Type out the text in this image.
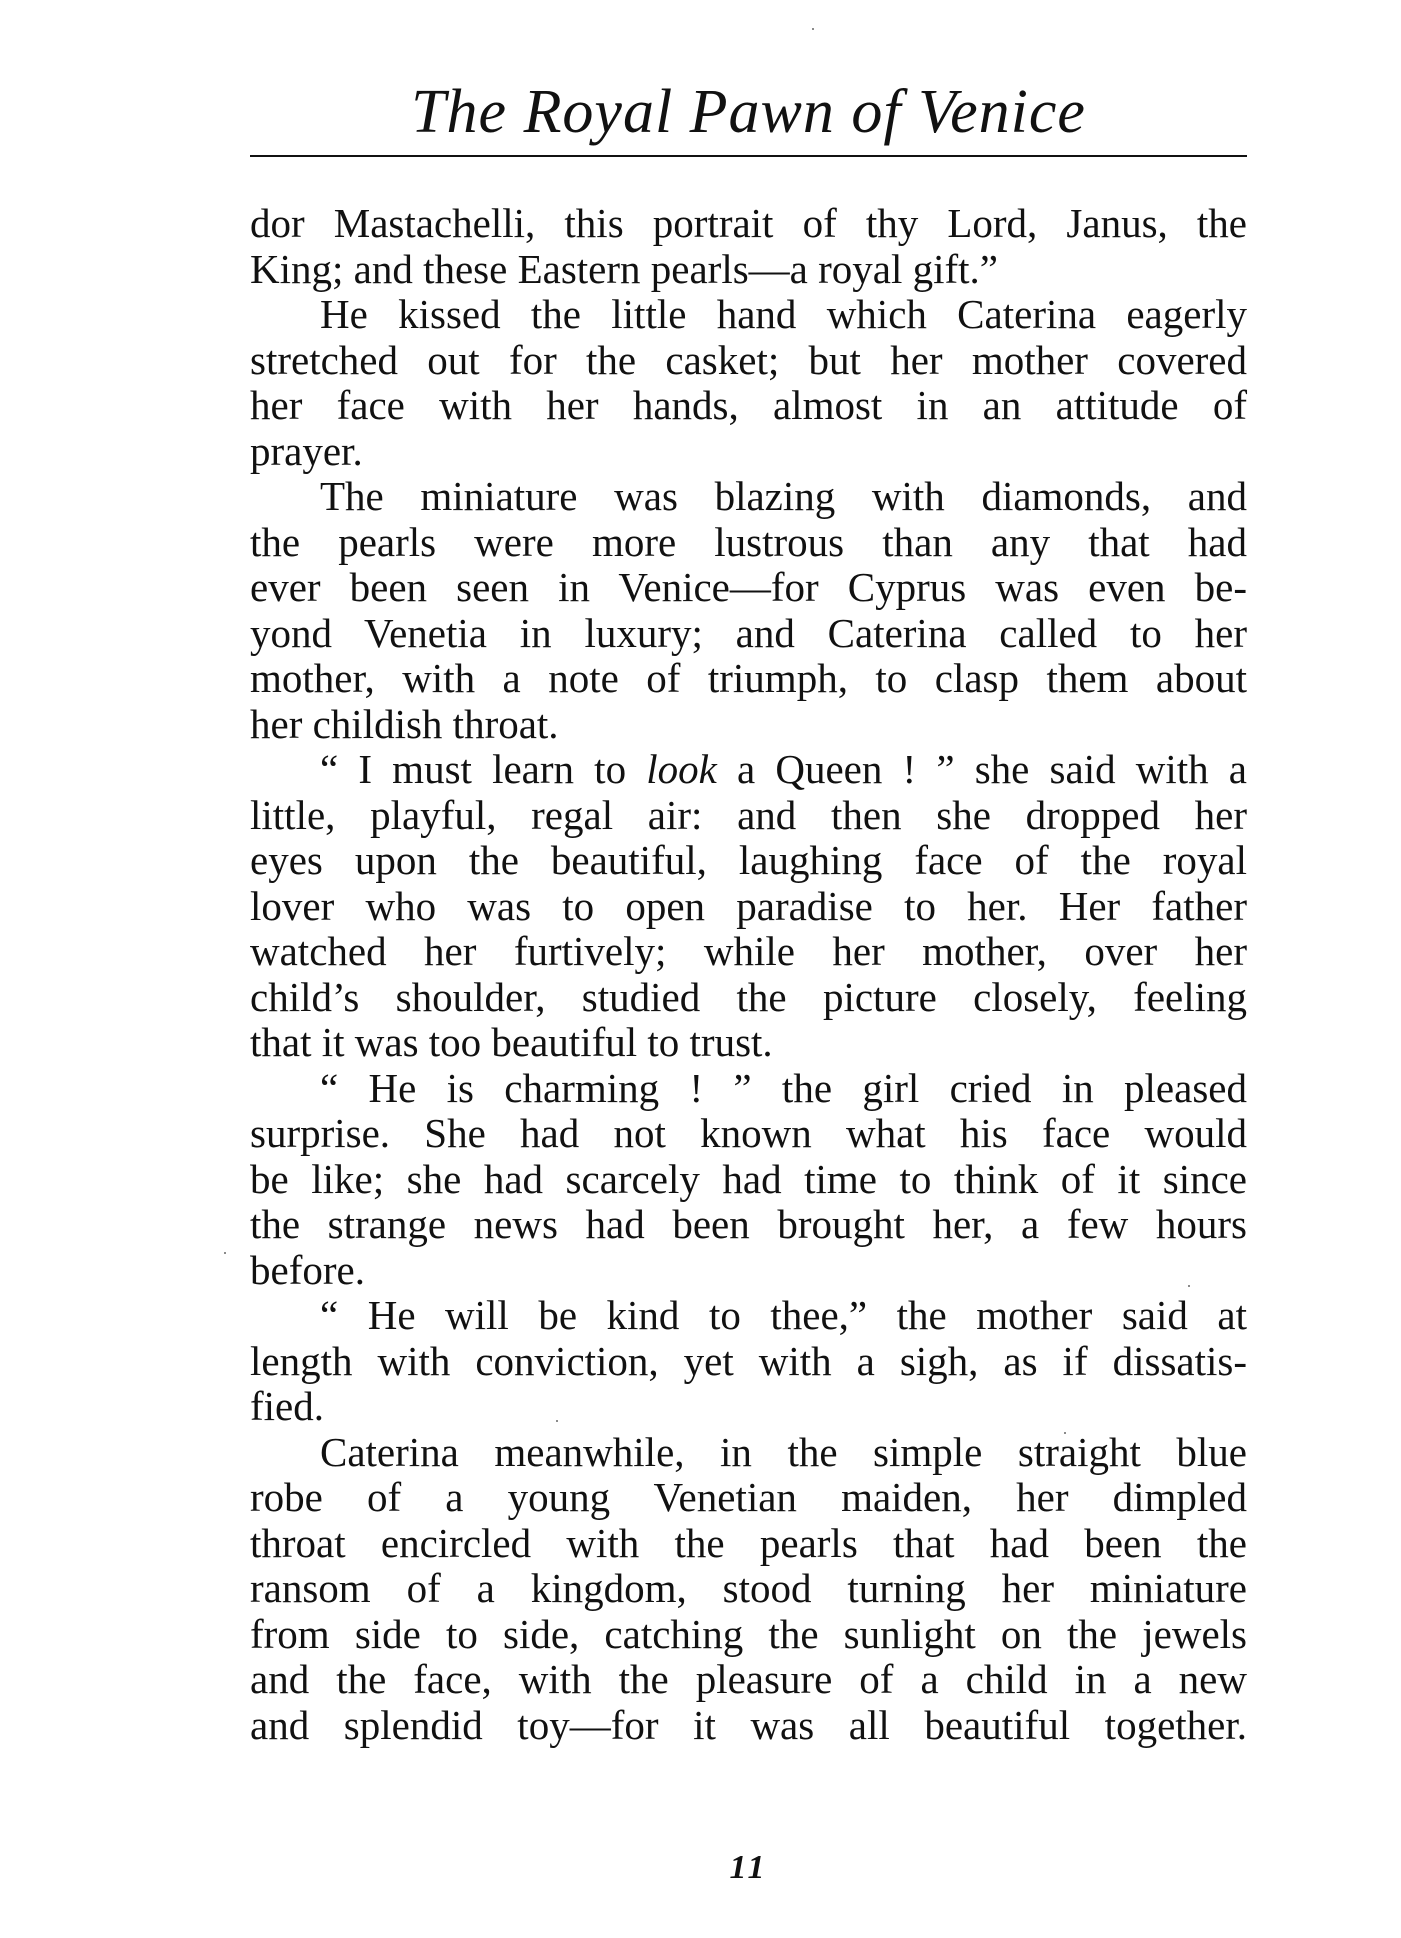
The Royal Pawn of Venice
dor Mastachelli, this portrait of thy Lord, Janus, the
King; and these Eastern pearls—a royal gift.”
He kissed the little hand which Caterina eagerly
stretched out for the casket; but her mother covered
her face with her hands, almost in an attitude of
prayer.
The miniature was blazing with diamonds, and
the pearls were more lustrous than any that had
ever been seen in Venice—for Cyprus was even be-
yond Venetia in luxury; and Caterina called to her
mother, with a note of triumph, to clasp them about
her childish throat.
“ I must learn to look a Queen ! ” she said with a
little, playful, regal air: and then she dropped her
eyes upon the beautiful, laughing face of the royal
lover who was to open paradise to her. Her father
watched her furtively; while her mother, over her
child’s shoulder, studied the picture closely, feeling
that it was too beautiful to trust.
“ He is charming ! ” the girl cried in pleased
surprise. She had not known what his face would
be like; she had scarcely had time to think of it since
the strange news had been brought her, a few hours
before.
“ He will be kind to thee,” the mother said at
length with conviction, yet with a sigh, as if dissatis-
fied.
Caterina meanwhile, in the simple straight blue
robe of a young Venetian maiden, her dimpled
throat encircled with the pearls that had been the
ransom of a kingdom, stood turning her miniature
from side to side, catching the sunlight on the jewels
and the face, with the pleasure of a child in a new
and splendid toy—for it was all beautiful together.
11
